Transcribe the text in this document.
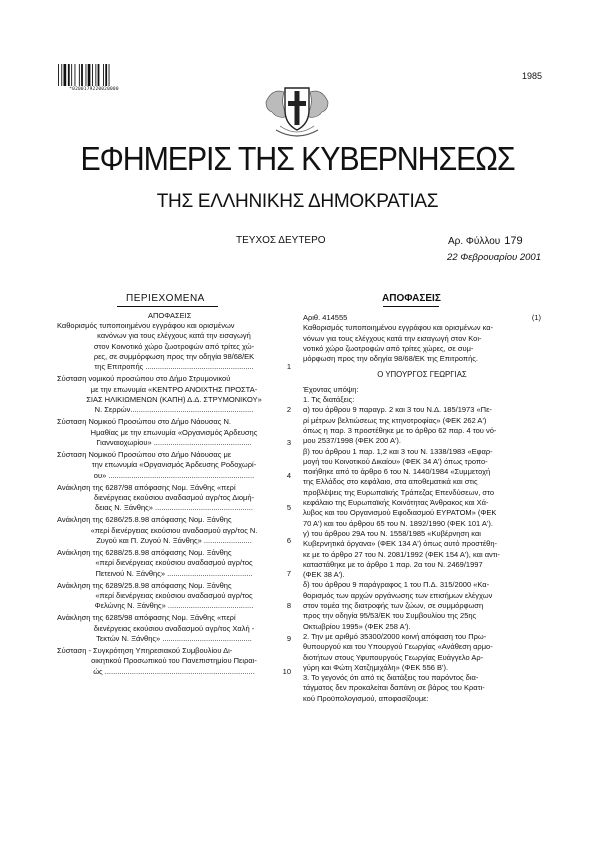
*0200179220020000
1985
ΕΦΗΜΕΡΙΣ ΤΗΣ ΚΥΒΕΡΝΗΣΕΩΣ
ΤΗΣ ΕΛΛΗΝΙΚΗΣ ΔΗΜΟΚΡΑΤΙΑΣ
ΤΕΥΧΟΣ ΔΕΥΤΕΡΟ	Αρ. Φύλλου 179
22 Φεβρουαρίου 2001
ΠΕΡΙΕΧΟΜΕΝΑ
ΑΠΟΦΑΣΕΙΣ
Καθορισμός τυποποιημένου εγγράφου και ορισμένων
κανόνων για τους ελέγχους κατά την εισαγωγή
στον Κοινοτικό χώρο ζωοτροφών από τρίτες χώ-
ρες, σε συμμόρφωση προς την οδηγία 98/68/ΕΚ
της Επιτροπής ....................................................	1
Σύσταση νομικού προσώπου στο Δήμο Στρυμονικού
με την επωνυμία «ΚΕΝΤΡΟ ΑΝΟΙΧΤΗΣ ΠΡΟΣΤΑ-
ΣΙΑΣ ΗΛΙΚΙΩΜΕΝΩΝ (ΚΑΠΗ) Δ.Δ. ΣΤΡΥΜΟΝΙΚΟΥ»
Ν. Σερρών...........................................................	2
Σύσταση Νομικού Προσώπου στο Δήμο Νάουσας Ν.
Ημαθίας με την επωνυμία «Οργανισμός Άρδευσης
Γιανναιοχωρίου» ...............................................	3
Σύσταση Νομικού Προσώπου στο Δήμο Νάουσας με
την επωνυμία «Οργανισμός Άρδευσης Ροδοχωρί-
ου» ......................................................................	4
Ανάκληση της 6287/98 απόφασης Νομ. Ξάνθης «περί
διενέργειας εκούσιου αναδασμού αγρ/τος Διομή-
δειας Ν. Ξάνθης» ...............................................	5
Ανάκληση της 6286/25.8.98 απόφασης Νομ. Ξάνθης
«περί διενέργειας εκούσιου αναδασμού αγρ/τος Ν.
Ζυγού και Π. Ζυγού Ν. Ξάνθης» .......................	6
Ανάκληση της 6288/25.8.98 απόφασης Νομ. Ξάνθης
«περί διενέργειας εκούσιου αναδασμού αγρ/τος
Πετεινού Ν. Ξάνθης» .........................................	7
Ανάκληση της 6289/25.8.98 απόφασης Νομ. Ξάνθης
«περί διενέργειας εκούσιου αναδασμού αγρ/τος
Φελώνης Ν. Ξάνθης» .........................................	8
Ανάκληση της 6285/98 απόφασης Νομ. Ξάνθης «περί
διενέργειας εκούσιου αναδασμού αγρ/τος Χαλή -
Τεκτών Ν. Ξάνθης» ...........................................	9
Σύσταση - Συγκρότηση Υπηρεσιακού Συμβουλίου Δι-
οικητικού Προσωπικού του Πανεπιστημίου Πειραι-
ώς ........................................................................	10
ΑΠΟΦΑΣΕΙΣ
Αριθ. 414555	(1)
Καθορισμός τυποποιημένου εγγράφου και ορισμένων κα-
νόνων για τους ελέγχους κατά την εισαγωγή στον Κοι-
νοτικό χώρο ζωοτροφών από τρίτες χώρες, σε συμ-
μόρφωση προς την οδηγία 98/68/ΕΚ της Επιτροπής.
Ο ΥΠΟΥΡΓΟΣ ΓΕΩΡΓΙΑΣ
Έχοντας υπόψη:
1. Τις διατάξεις:
α) του άρθρου 9 παραγρ. 2 και 3 του Ν.Δ. 185/1973 «Πε-
ρί μέτρων βελτιώσεως της κτηνοτροφίας» (ΦΕΚ 262 Α')
όπως η παρ. 3 προστέθηκε με το άρθρο 62 παρ. 4 του νό-
μου 2537/1998 (ΦΕΚ 200 Α').
β) του άρθρου 1 παρ. 1,2 και 3 του Ν. 1338/1983 «Εφαρ-
μογή του Κοινοτικού Δικαίου» (ΦΕΚ 34 Α') όπως τροπο-
ποιήθηκε από το άρθρο 6 του Ν. 1440/1984 «Συμμετοχή
της Ελλάδος στο κεφάλαιο, στα αποθεματικά και στις
προβλέψεις της Ευρωπαϊκής Τράπεζας Επενδύσεων, στο
κεφάλαιο της Ευρωπαϊκής Κοινότητας Άνθρακος και Χά-
λυβος και του Οργανισμού Εφοδιασμού ΕΥΡΑΤΟΜ» (ΦΕΚ
70 Α') και του άρθρου 65 του Ν. 1892/1990 (ΦΕΚ 101 Α').
γ) του άρθρου 29Α του Ν. 1558/1985 «Κυβέρνηση και
Κυβερνητικά όργανα» (ΦΕΚ 134 Α') όπως αυτό προστέθη-
κε με το άρθρο 27 του Ν. 2081/1992 (ΦΕΚ 154 Α'), και αντι-
καταστάθηκε με το άρθρο 1 παρ. 2α του Ν. 2469/1997
(ΦΕΚ 38 Α').
δ) του άρθρου 9 παράγραφος 1 του Π.Δ. 315/2000 «Κα-
θορισμός των αρχών οργάνωσης των επισήμων ελέγχων
στον τομέα της διατροφής των ζώων, σε συμμόρφωση
προς την οδηγία 95/53/ΕΚ του Συμβουλίου της 25ης
Οκτωβρίου 1995» (ΦΕΚ 258 Α').
2. Την με αριθμό 35300/2000 κοινή απόφαση του Πρω-
θυπουργού και του Υπουργού Γεωργίας «Ανάθεση αρμο-
διοτήτων στους Υφυπουργούς Γεωργίας Ευάγγελο Αρ-
γύρη και Φώτη Χατζημιχάλη» (ΦΕΚ 556 Β').
3. Το γεγονός ότι από τις διατάξεις του παρόντος δια-
τάγματος δεν προκαλείται δαπάνη σε βάρος του Κρατι-
κού Προϋπολογισμού, αποφασίζουμε:
